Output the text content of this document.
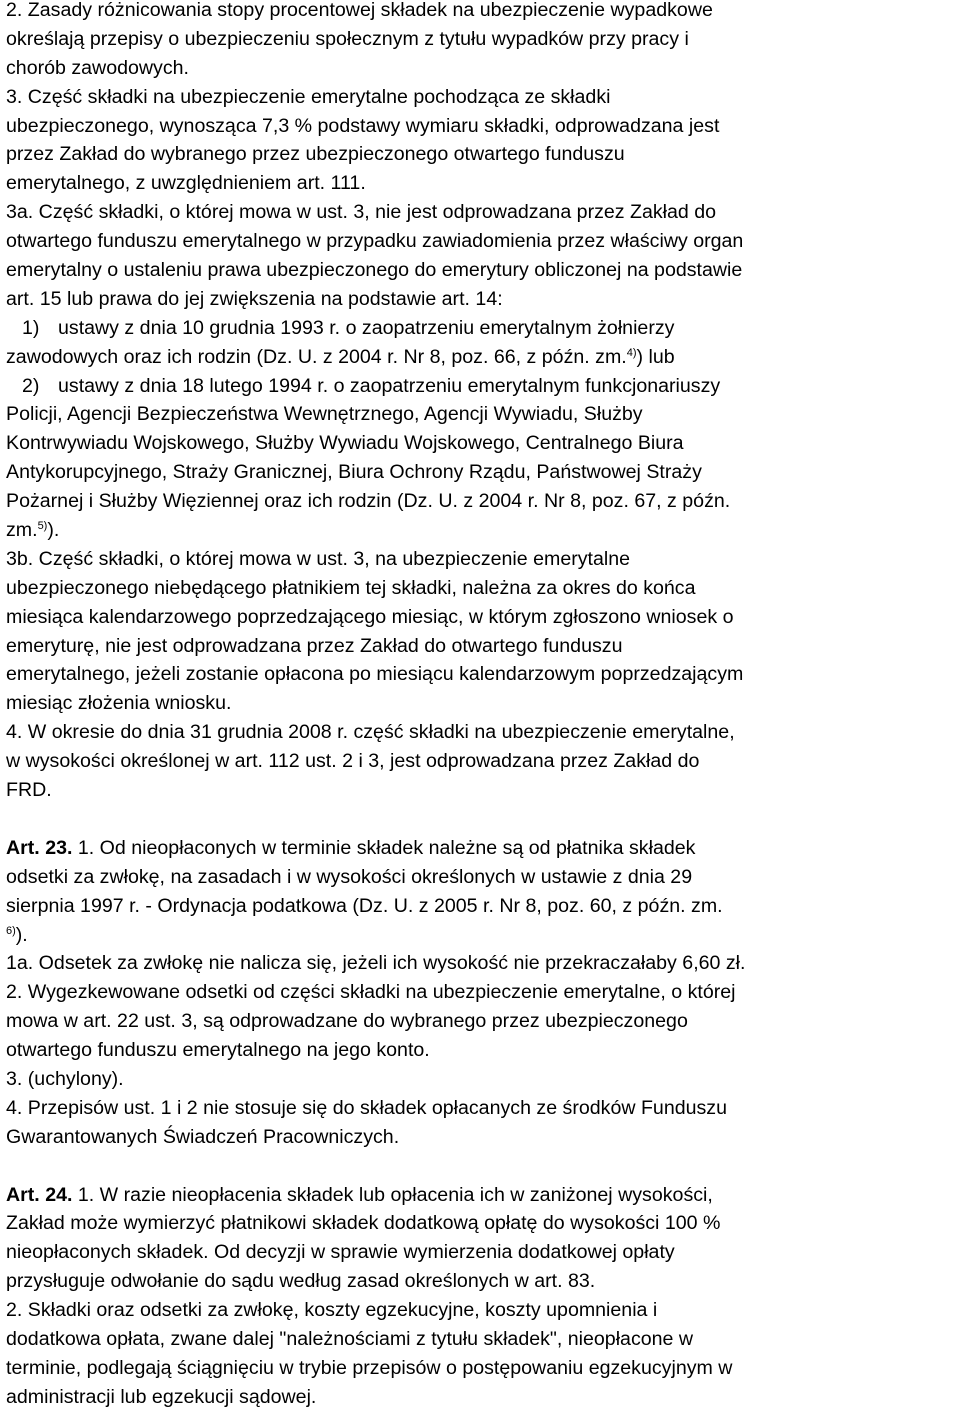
2. Zasady różnicowania stopy procentowej składek na ubezpieczenie wypadkowe
określają przepisy o ubezpieczeniu społecznym z tytułu wypadków przy pracy i
chorób zawodowych.
3. Część składki na ubezpieczenie emerytalne pochodząca ze składki
ubezpieczonego, wynosząca 7,3 % podstawy wymiaru składki, odprowadzana jest
przez Zakład do wybranego przez ubezpieczonego otwartego funduszu
emerytalnego, z uwzględnieniem art. 111.
3a. Część składki, o której mowa w ust. 3, nie jest odprowadzana przez Zakład do
otwartego funduszu emerytalnego w przypadku zawiadomienia przez właściwy organ
emerytalny o ustaleniu prawa ubezpieczonego do emerytury obliczonej na podstawie
art. 15 lub prawa do jej zwiększenia na podstawie art. 14:
1) ustawy z dnia 10 grudnia 1993 r. o zaopatrzeniu emerytalnym żołnierzy
zawodowych oraz ich rodzin (Dz. U. z 2004 r. Nr 8, poz. 66, z późn. zm.$^{4)}$) lub
2) ustawy z dnia 18 lutego 1994 r. o zaopatrzeniu emerytalnym funkcjonariuszy
Policji, Agencji Bezpieczeństwa Wewnętrznego, Agencji Wywiadu, Służby
Kontrwywiadu Wojskowego, Służby Wywiadu Wojskowego, Centralnego Biura
Antykorupcyjnego, Straży Granicznej, Biura Ochrony Rządu, Państwowej Straży
Pożarnej i Służby Więziennej oraz ich rodzin (Dz. U. z 2004 r. Nr 8, poz. 67, z późn.
zm.$^{5)}$).
3b. Część składki, o której mowa w ust. 3, na ubezpieczenie emerytalne
ubezpieczonego niebędącego płatnikiem tej składki, należna za okres do końca
miesiąca kalendarzowego poprzedzającego miesiąc, w którym zgłoszono wniosek o
emeryturę, nie jest odprowadzana przez Zakład do otwartego funduszu
emerytalnego, jeżeli zostanie opłacona po miesiącu kalendarzowym poprzedzającym
miesiąc złożenia wniosku.
4. W okresie do dnia 31 grudnia 2008 r. część składki na ubezpieczenie emerytalne,
w wysokości określonej w art. 112 ust. 2 i 3, jest odprowadzana przez Zakład do
FRD.
Art. 23. 1. Od nieopłaconych w terminie składek należne są od płatnika składek
odsetki za zwłokę, na zasadach i w wysokości określonych w ustawie z dnia 29
sierpnia 1997 r. - Ordynacja podatkowa (Dz. U. z 2005 r. Nr 8, poz. 60, z późn. zm.
$^{6)}$).
1a. Odsetek za zwłokę nie nalicza się, jeżeli ich wysokość nie przekraczałaby 6,60 zł.
2. Wygezkewowane odsetki od części składki na ubezpieczenie emerytalne, o której
mowa w art. 22 ust. 3, są odprowadzane do wybranego przez ubezpieczonego
otwartego funduszu emerytalnego na jego konto.
3. (uchylony).
4. Przepisów ust. 1 i 2 nie stosuje się do składek opłacanych ze środków Funduszu
Gwarantowanych Świadczeń Pracowniczych.
Art. 24. 1. W razie nieopłacenia składek lub opłacenia ich w zaniżonej wysokości,
Zakład może wymierzyć płatnikowi składek dodatkową opłatę do wysokości 100 %
nieopłaconych składek. Od decyzji w sprawie wymierzenia dodatkowej opłaty
przysługuje odwołanie do sądu według zasad określonych w art. 83.
2. Składki oraz odsetki za zwłokę, koszty egzekucyjne, koszty upomnienia i
dodatkowa opłata, zwane dalej "należnościami z tytułu składek", nieopłacone w
terminie, podlegają ściągnięciu w trybie przepisów o postępowaniu egzekucyjnym w
administracji lub egzekucji sądowej.
